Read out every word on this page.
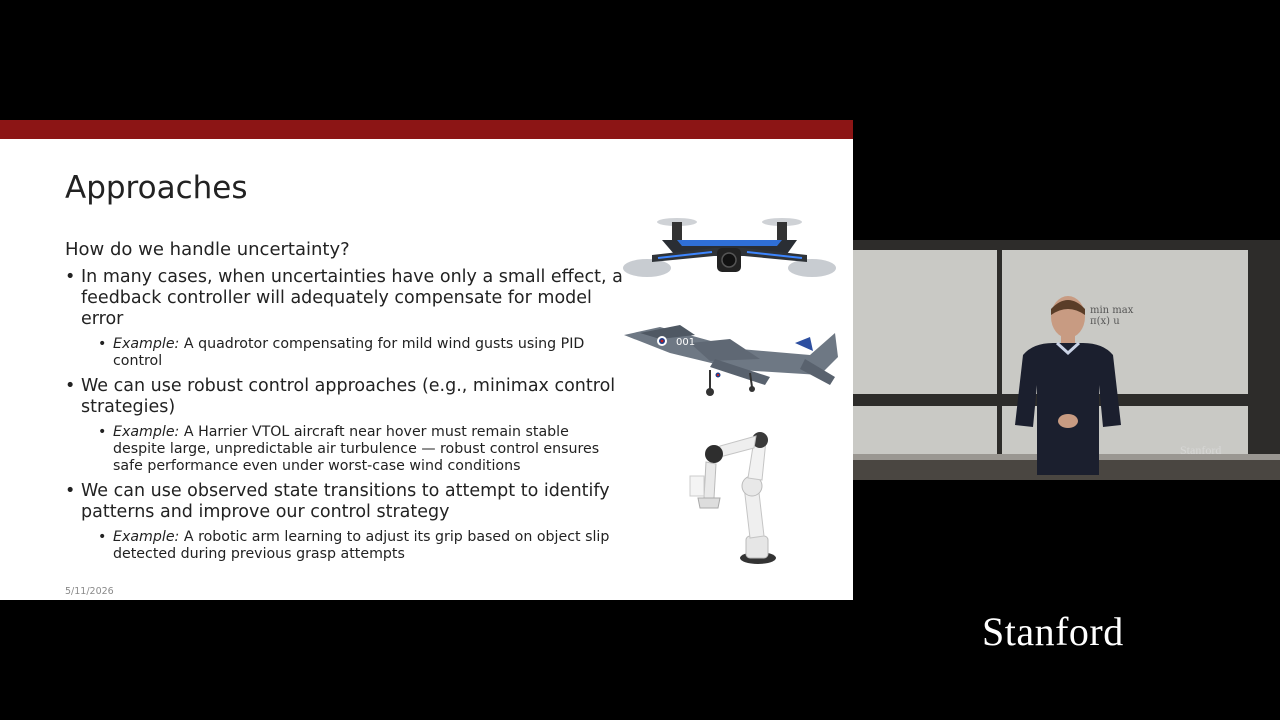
Approaches
How do we handle uncertainty?
• In many cases, when uncertainties have only a small effect, a feedback controller will adequately compensate for model error
• Example: A quadrotor compensating for mild wind gusts using PID control
• We can use robust control approaches (e.g., minimax control strategies)
• Example: A Harrier VTOL aircraft near hover must remain stable despite large, unpredictable air turbulence — robust control ensures safe performance even under worst-case wind conditions
• We can use observed state transitions to attempt to identify patterns and improve our control strategy
• Example: A robotic arm learning to adjust its grip based on object slip detected during previous grasp attempts
001
5/11/2026
min max
π(x) u
Stanford
Stanford
